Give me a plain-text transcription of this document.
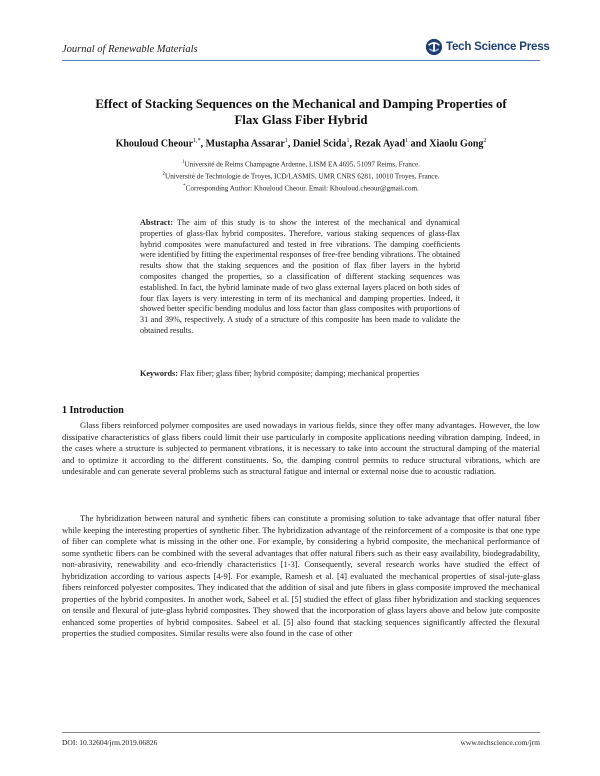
Journal of Renewable Materials	Tech Science Press
Effect of Stacking Sequences on the Mechanical and Damping Properties of
Flax Glass Fiber Hybrid
Khouloud Cheour$^{1,*}$, Mustapha Assarar$^1$, Daniel Scida$^1$, Rezak Ayad$^1$ and Xiaolu Gong$^2$
$^1$Université de Reims Champagne Ardenne, LISM EA 4695, 51097 Reims, France.
$^2$Université de Technologie de Troyes, ICD/LASMIS, UMR CNRS 6281, 10010 Troyes, France.
*Corresponding Author: Khouloud Cheour. Email: Khouloud.cheour@gmail.com.
Abstract: The aim of this study is to show the interest of the mechanical and dynamical properties of glass-flax hybrid composites. Therefore, various staking sequences of glass-flax hybrid composites were manufactured and tested in free vibrations. The damping coefficients were identified by fitting the experimental responses of free-free bending vibrations. The obtained results show that the staking sequences and the position of flax fiber layers in the hybrid composites changed the properties, so a classification of different stacking sequences was established. In fact, the hybrid laminate made of two glass external layers placed on both sides of four flax layers is very interesting in term of its mechanical and damping properties. Indeed, it showed better specific bending modulus and loss factor than glass composites with proportions of 31 and 39%, respectively. A study of a structure of this composite has been made to validate the obtained results.
Keywords: Flax fiber; glass fiber; hybrid composite; damping; mechanical properties
1 Introduction
Glass fibers reinforced polymer composites are used nowadays in various fields, since they offer many advantages. However, the low dissipative characteristics of glass fibers could limit their use particularly in composite applications needing vibration damping. Indeed, in the cases where a structure is subjected to permanent vibrations, it is necessary to take into account the structural damping of the material and to optimize it according to the different constituents. So, the damping control permits to reduce structural vibrations, which are undesirable and can generate several problems such as structural fatigue and internal or external noise due to acoustic radiation.
The hybridization between natural and synthetic fibers can constitute a promising solution to take advantage that offer natural fiber while keeping the interesting properties of synthetic fiber. The hybridization advantage of the reinforcement of a composite is that one type of fiber can complete what is missing in the other one. For example, by considering a hybrid composite, the mechanical performance of some synthetic fibers can be combined with the several advantages that offer natural fibers such as their easy availability, biodegradability, non-abrasivity, renewability and eco-friendly characteristics [1-3]. Consequently, several research works have studied the effect of hybridization according to various aspects [4-9]. For example, Ramesh et al. [4] evaluated the mechanical properties of sisal-jute-glass fibers reinforced polyester composites. They indicated that the addition of sisal and jute fibers in glass composite improved the mechanical properties of the hybrid composites. In another work, Sabeel et al. [5] studied the effect of glass fiber hybridization and stacking sequences on tensile and flexural of jute-glass hybrid composites. They showed that the incorporation of glass layers above and below jute composite enhanced some properties of hybrid composites. Sabeel et al. [5] also found that stacking sequences significantly affected the flexural properties the studied composites. Similar results were also found in the case of other
DOI: 10.32604/jrm.2019.06826	www.techscience.com/jrm
